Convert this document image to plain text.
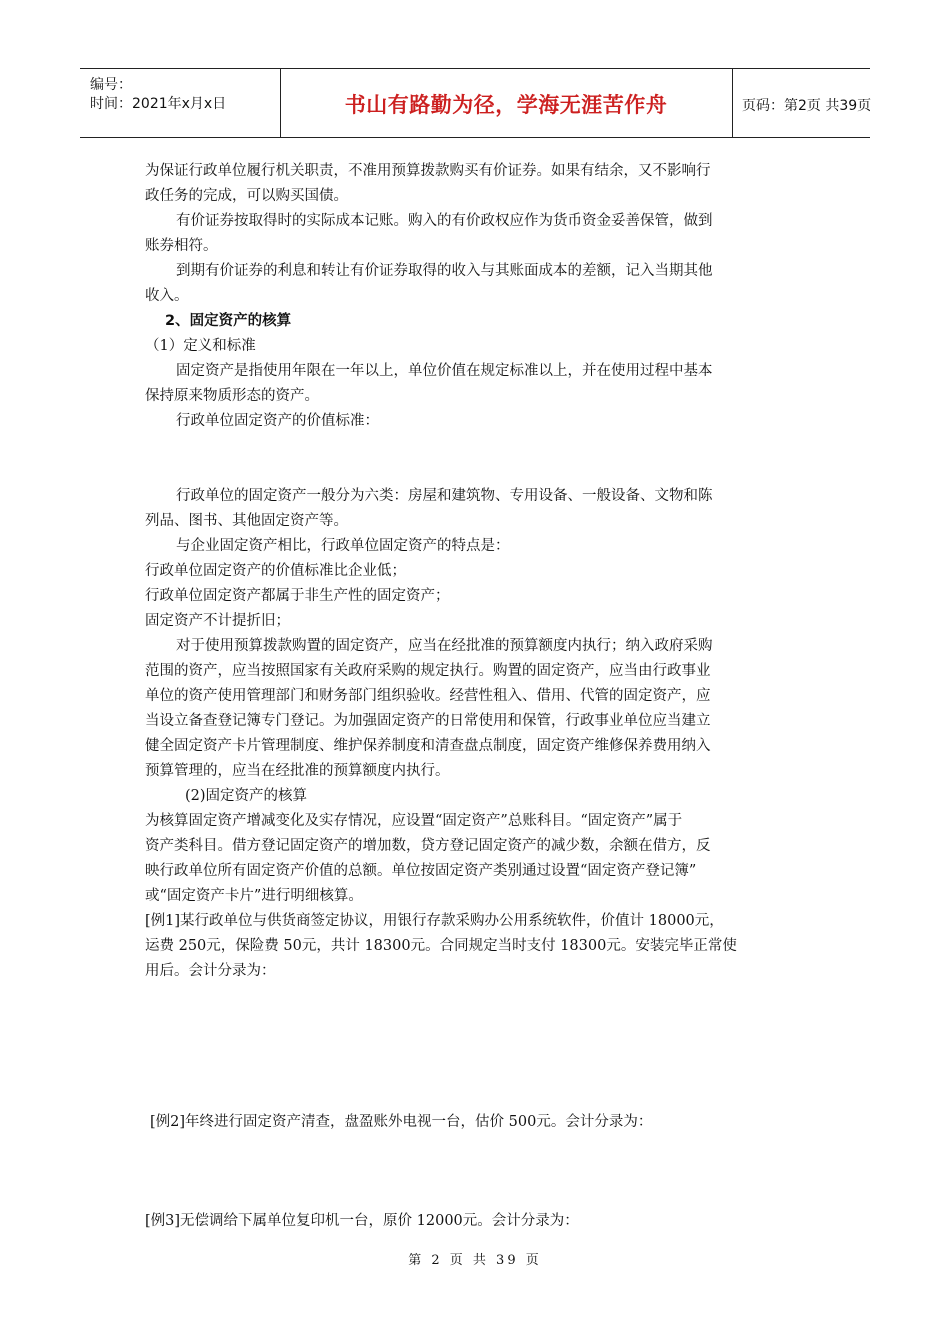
编号：
时间：2021年x月x日	书山有路勤为径，学海无涯苦作舟	页码：第2页 共39页
为保证行政单位履行机关职责，不准用预算拨款购买有价证券。如果有结余，又不影响行
政任务的完成，可以购买国债。
有价证券按取得时的实际成本记账。购入的有价政权应作为货币资金妥善保管，做到
账券相符。
到期有价证券的利息和转让有价证券取得的收入与其账面成本的差额，记入当期其他
收入。
2、固定资产的核算
（1）定义和标准
固定资产是指使用年限在一年以上，单位价值在规定标准以上，并在使用过程中基本
保持原来物质形态的资产。
行政单位固定资产的价值标准：
行政单位的固定资产一般分为六类：房屋和建筑物、专用设备、一般设备、文物和陈
列品、图书、其他固定资产等。
与企业固定资产相比，行政单位固定资产的特点是：
行政单位固定资产的价值标准比企业低；
行政单位固定资产都属于非生产性的固定资产；
固定资产不计提折旧；
对于使用预算拨款购置的固定资产，应当在经批准的预算额度内执行；纳入政府采购
范围的资产，应当按照国家有关政府采购的规定执行。购置的固定资产，应当由行政事业
单位的资产使用管理部门和财务部门组织验收。经营性租入、借用、代管的固定资产，应
当设立备查登记簿专门登记。为加强固定资产的日常使用和保管，行政事业单位应当建立
健全固定资产卡片管理制度、维护保养制度和清查盘点制度，固定资产维修保养费用纳入
预算管理的，应当在经批准的预算额度内执行。
(2)固定资产的核算
为核算固定资产增减变化及实存情况，应设置“固定资产”总账科目。“固定资产”属于
资产类科目。借方登记固定资产的增加数，贷方登记固定资产的减少数，余额在借方，反
映行政单位所有固定资产价值的总额。单位按固定资产类别通过设置“固定资产登记簿”
或“固定资产卡片”进行明细核算。
[例1]某行政单位与供货商签定协议，用银行存款采购办公用系统软件，价值计 18000元，
运费 250元，保险费 50元，共计 18300元。合同规定当时支付 18300元。安装完毕正常使
用后。会计分录为：
[例2]年终进行固定资产清查，盘盈账外电视一台，估价 500元。会计分录为：
[例3]无偿调给下属单位复印机一台，原价 12000元。会计分录为：
第 2 页 共 39 页
